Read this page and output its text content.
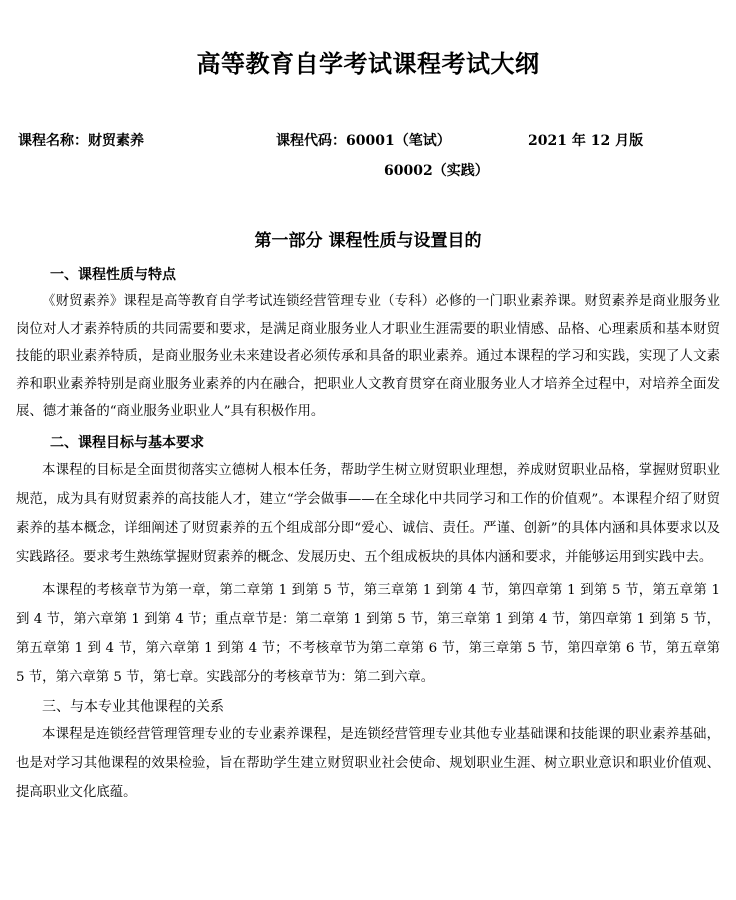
高等教育自学考试课程考试大纲
课程名称：财贸素养	课程代码：60001（笔试）	2021 年 12 月版
60002（实践）
第一部分 课程性质与设置目的

一、课程性质与特点

《财贸素养》课程是高等教育自学考试连锁经营管理专业（专科）必修的一门职业素养课。财贸素养是商业服务业岗位对人才素养特质的共同需要和要求，是满足商业服务业人才职业生涯需要的职业情感、品格、心理素质和基本财贸技能的职业素养特质，是商业服务业未来建设者必须传承和具备的职业素养。通过本课程的学习和实践，实现了人文素养和职业素养特别是商业服务业素养的内在融合，把职业人文教育贯穿在商业服务业人才培养全过程中，对培养全面发展、德才兼备的“商业服务业职业人”具有积极作用。

二、课程目标与基本要求

本课程的目标是全面贯彻落实立德树人根本任务，帮助学生树立财贸职业理想，养成财贸职业品格，掌握财贸职业规范，成为具有财贸素养的高技能人才，建立“学会做事——在全球化中共同学习和工作的价值观”。本课程介绍了财贸素养的基本概念，详细阐述了财贸素养的五个组成部分即“爱心、诚信、责任。严谨、创新”的具体内涵和具体要求以及实践路径。要求考生熟练掌握财贸素养的概念、发展历史、五个组成板块的具体内涵和要求，并能够运用到实践中去。

本课程的考核章节为第一章，第二章第 1 到第 5 节，第三章第 1 到第 4 节，第四章第 1 到第 5 节，第五章第 1 到 4 节，第六章第 1 到第 4 节；重点章节是：第二章第 1 到第 5 节，第三章第 1 到第 4 节，第四章第 1 到第 5 节，第五章第 1 到 4 节，第六章第 1 到第 4 节；不考核章节为第二章第 6 节，第三章第 5 节，第四章第 6 节，第五章第 5 节，第六章第 5 节，第七章。实践部分的考核章节为：第二到六章。

三、与本专业其他课程的关系

本课程是连锁经营管理管理专业的专业素养课程，是连锁经营管理专业其他专业基础课和技能课的职业素养基础，也是对学习其他课程的效果检验，旨在帮助学生建立财贸职业社会使命、规划职业生涯、树立职业意识和职业价值观、提高职业文化底蕴。
